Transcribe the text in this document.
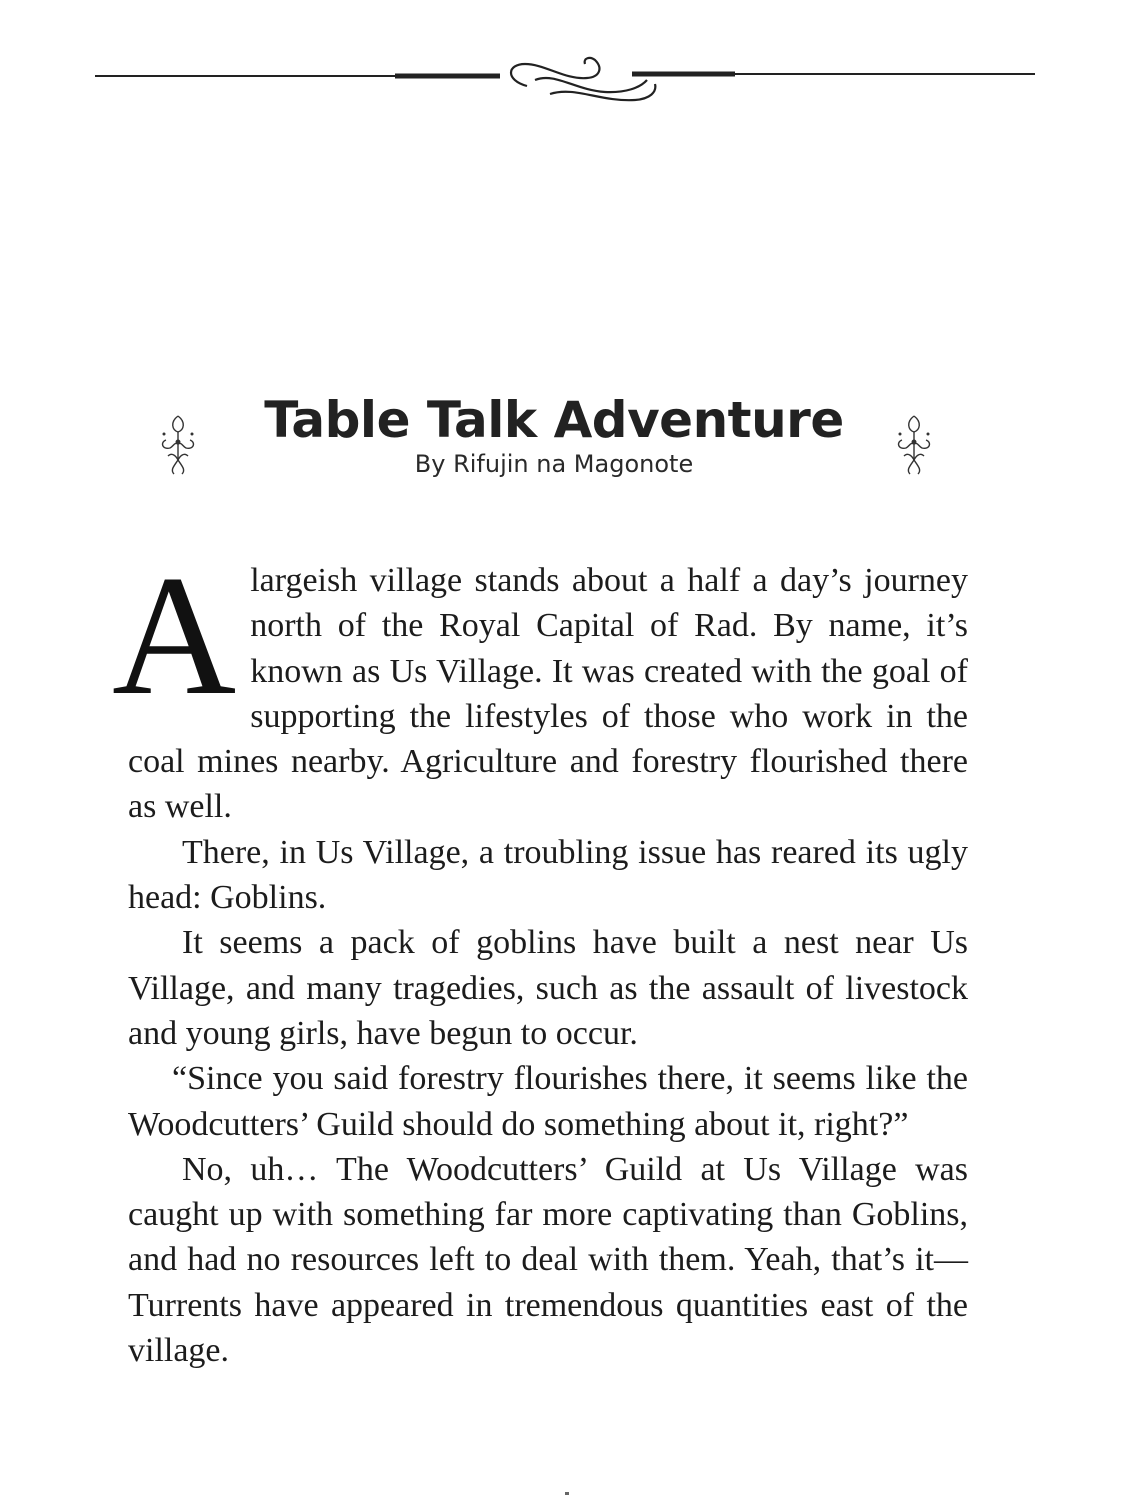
Table Talk Adventure
By Rifujin na Magonote

Alargeish village stands about a half a day’s journey north of the Royal Capital of Rad. By name, it’s known as Us Village. It was created with the goal of supporting the lifestyles of those who work in the coal mines nearby. Agriculture and forestry flourished there as well.

There, in Us Village, a troubling issue has reared its ugly head: Goblins.

It seems a pack of goblins have built a nest near Us Village, and many tragedies, such as the assault of livestock and young girls, have begun to occur.

“Since you said forestry flourishes there, it seems like the Woodcutters’ Guild should do something about it, right?”

No, uh… The Woodcutters’ Guild at Us Village was caught up with something far more captivating than Goblins, and had no resources left to deal with them. Yeah, that’s it—Turrents have appeared in tremendous quantities east of the village.
